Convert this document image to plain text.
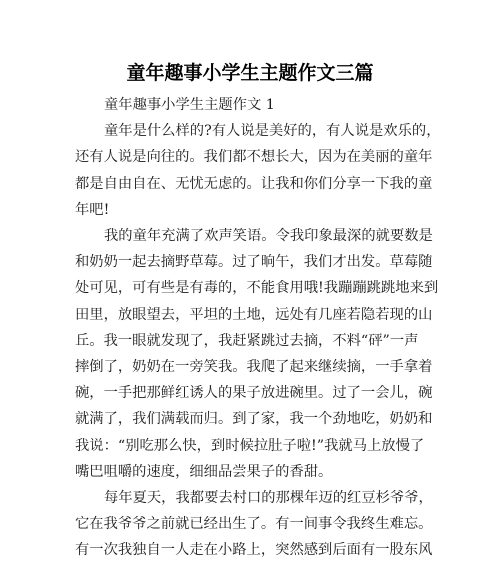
童年趣事小学生主题作文三篇
童年趣事小学生主题作文 1
童年是什么样的?有人说是美好的，有人说是欢乐的，
还有人说是向往的。我们都不想长大，因为在美丽的童年
都是自由自在、无忧无虑的。让我和你们分享一下我的童
年吧!
我的童年充满了欢声笑语。令我印象最深的就要数是
和奶奶一起去摘野草莓。过了晌午，我们才出发。草莓随
处可见，可有些是有毒的，不能食用哦!我蹦蹦跳跳地来到
田里，放眼望去，平坦的土地，远处有几座若隐若现的山
丘。我一眼就发现了，我赶紧跳过去摘，不料“砰”一声
摔倒了，奶奶在一旁笑我。我爬了起来继续摘，一手拿着
碗，一手把那鲜红诱人的果子放进碗里。过了一会儿，碗
就满了，我们满载而归。到了家，我一个劲地吃，奶奶和
我说：“别吃那么快，到时候拉肚子啦!”我就马上放慢了
嘴巴咀嚼的速度，细细品尝果子的香甜。
每年夏天，我都要去村口的那棵年迈的红豆杉爷爷，
它在我爷爷之前就已经出生了。有一间事令我终生难忘。
有一次我独自一人走在小路上，突然感到后面有一股东风
